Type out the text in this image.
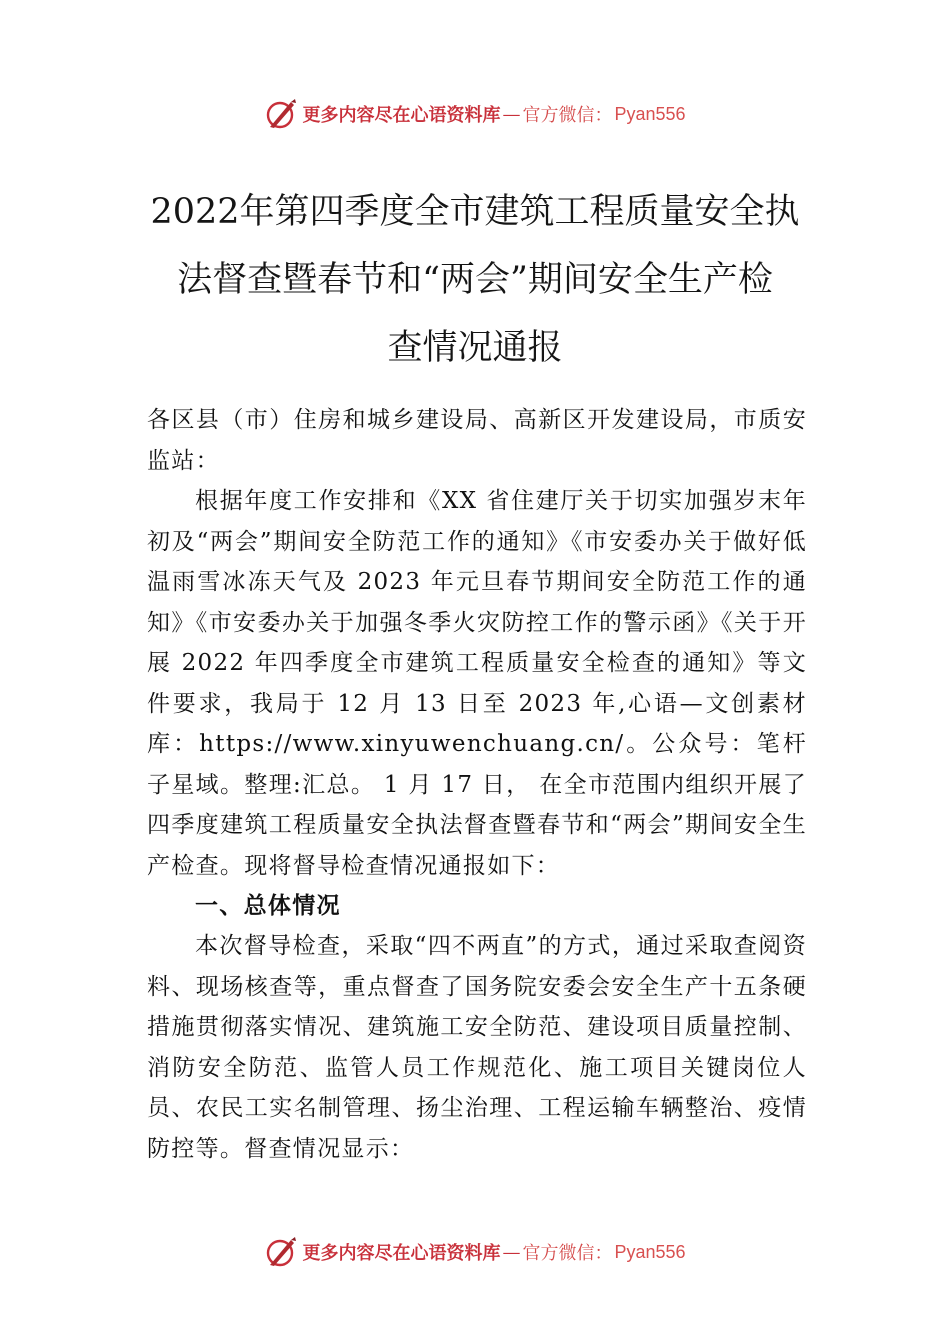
更多内容尽在心语资料库 — 官方微信： Pyan556
2022年第四季度全市建筑工程质量安全执
法督查暨春节和“两会”期间安全生产检
查情况通报

各区县（市）住房和城乡建设局、高新区开发建设局，市质安监站：

根据年度工作安排和《XX 省住建厅关于切实加强岁末年初及“两会”期间安全防范工作的通知》《市安委办关于做好低温雨雪冰冻天气及 2023 年元旦春节期间安全防范工作的通知》《市安委办关于加强冬季火灾防控工作的警示函》《关于开展 2022 年四季度全市建筑工程质量安全检查的通知》等文件要求，我局于 12 月 13 日至 2023 年,心语—文创素材库：https://www.xinyuwenchuang.cn/。公众号：笔杆子星域。整理:汇总。 1 月 17 日， 在全市范围内组织开展了四季度建筑工程质量安全执法督查暨春节和“两会”期间安全生产检查。现将督导检查情况通报如下：

一、总体情况

本次督导检查，采取“四不两直”的方式，通过采取查阅资料、现场核查等，重点督查了国务院安委会安全生产十五条硬措施贯彻落实情况、建筑施工安全防范、建设项目质量控制、消防安全防范、监管人员工作规范化、施工项目关键岗位人员、农民工实名制管理、扬尘治理、工程运输车辆整治、疫情防控等。督查情况显示：

更多内容尽在心语资料库 — 官方微信： Pyan556
